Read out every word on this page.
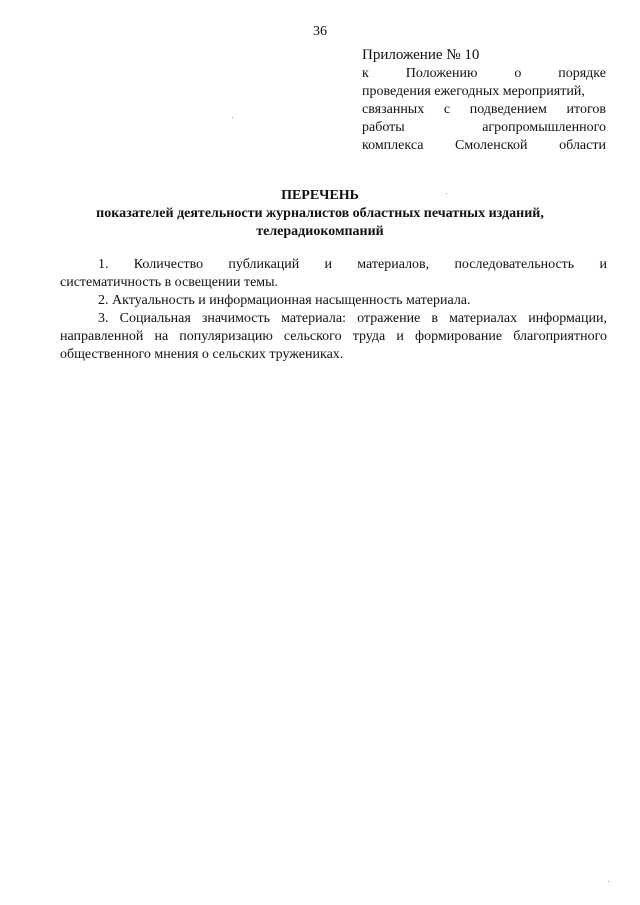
36
Приложение № 10
к	Положению	о	порядке
проведения ежегодных мероприятий,
связанных с подведением итогов
работы	агропромышленного
комплекса Смоленской области
ПЕРЕЧЕНЬ
показателей деятельности журналистов областных печатных изданий,
телерадиокомпаний
1. Количество публикаций и материалов, последовательность и
систематичность в освещении темы.
2. Актуальность и информационная насыщенность материала.
3. Социальная значимость материала: отражение в материалах информации,
направленной на популяризацию сельского труда и формирование благоприятного
общественного мнения о сельских тружениках.
